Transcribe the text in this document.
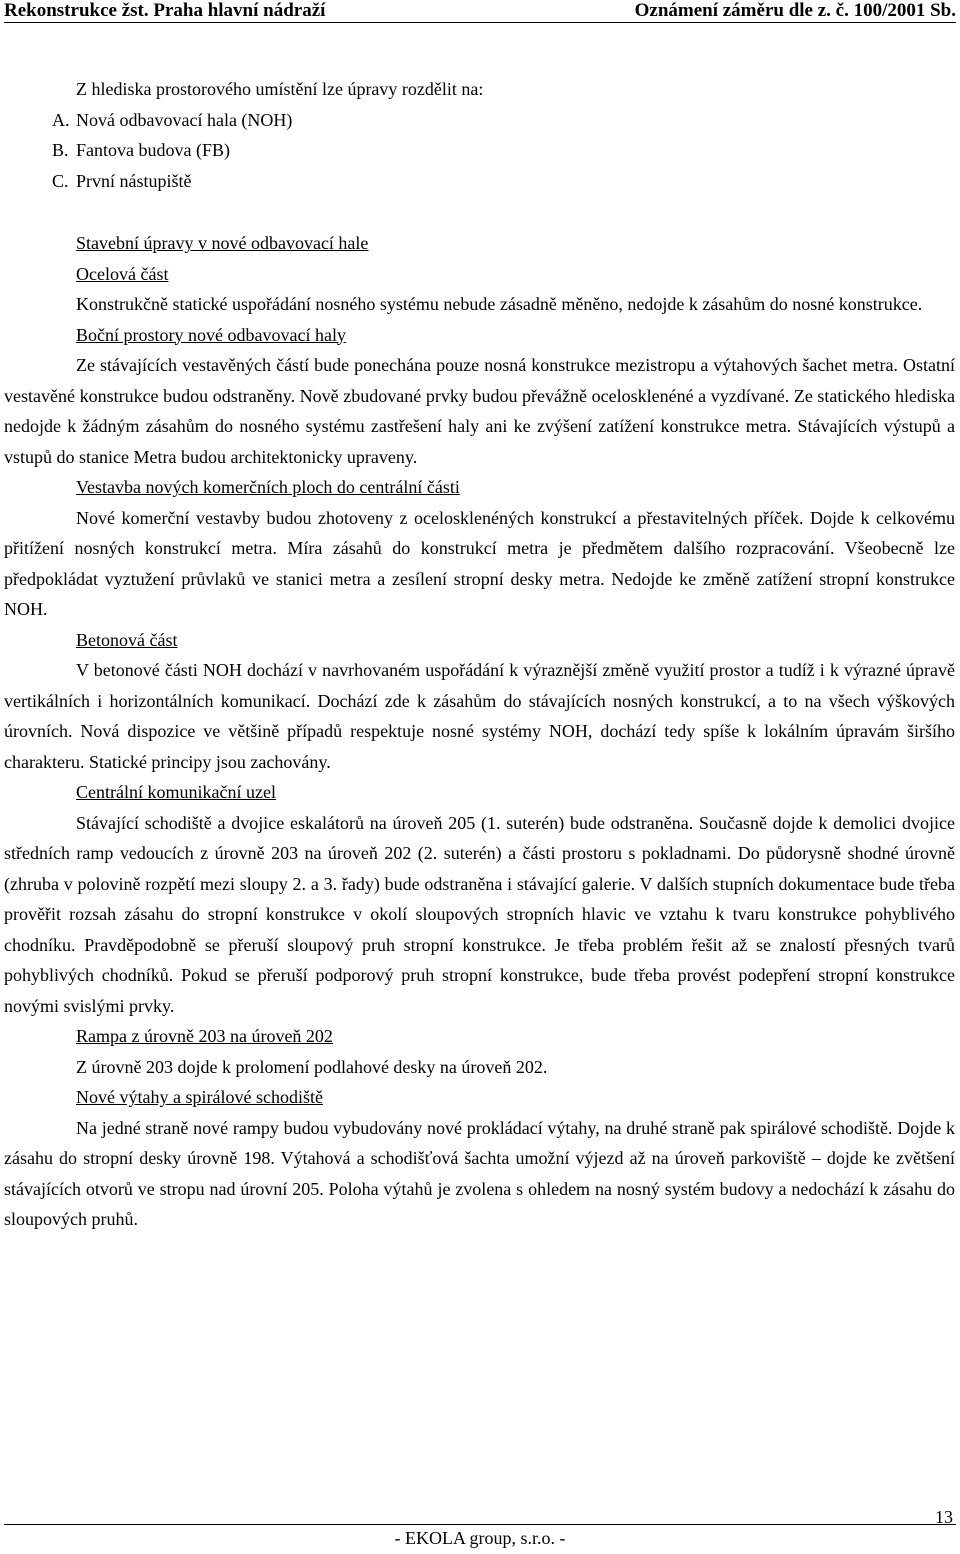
Rekonstrukce žst. Praha hlavní nádraží	Oznámení záměru dle z. č. 100/2001 Sb.

Z hlediska prostorového umístění lze úpravy rozdělit na:

A. Nová odbavovací hala (NOH)
B. Fantova budova (FB)
C. První nástupiště

Stavební úpravy v nové odbavovací hale

Ocelová část

Konstrukčně statické uspořádání nosného systému nebude zásadně měněno, nedojde k zásahům do nosné konstrukce.

Boční prostory nové odbavovací haly

Ze stávajících vestavěných částí bude ponechána pouze nosná konstrukce mezistropu a výtahových šachet metra. Ostatní vestavěné konstrukce budou odstraněny. Nově zbudované prvky budou převážně ocelosklenéné a vyzdívané. Ze statického hlediska nedojde k žádným zásahům do nosného systému zastřešení haly ani ke zvýšení zatížení konstrukce metra. Stávajících výstupů a vstupů do stanice Metra budou architektonicky upraveny.

Vestavba nových komerčních ploch do centrální části

Nové komerční vestavby budou zhotoveny z ocelosklenéných konstrukcí a přestavitelných příček. Dojde k celkovému přitížení nosných konstrukcí metra. Míra zásahů do konstrukcí metra je předmětem dalšího rozpracování. Všeobecně lze předpokládat vyztužení průvlaků ve stanici metra a zesílení stropní desky metra. Nedojde ke změně zatížení stropní konstrukce NOH.

Betonová část

V betonové části NOH dochází v navrhovaném uspořádání k výraznější změně využití prostor a tudíž i k výrazné úpravě vertikálních i horizontálních komunikací. Dochází zde k zásahům do stávajících nosných konstrukcí, a to na všech výškových úrovních. Nová dispozice ve většině případů respektuje nosné systémy NOH, dochází tedy spíše k lokálním úpravám širšího charakteru. Statické principy jsou zachovány.

Centrální komunikační uzel

Stávající schodiště a dvojice eskalátorů na úroveň 205 (1. suterén) bude odstraněna. Současně dojde k demolici dvojice středních ramp vedoucích z úrovně 203 na úroveň 202 (2. suterén) a části prostoru s pokladnami. Do půdorysně shodné úrovně (zhruba v polovině rozpětí mezi sloupy 2. a 3. řady) bude odstraněna i stávající galerie. V dalších stupních dokumentace bude třeba prověřit rozsah zásahu do stropní konstrukce v okolí sloupových stropních hlavic ve vztahu k tvaru konstrukce pohyblivého chodníku. Pravděpodobně se přeruší sloupový pruh stropní konstrukce. Je třeba problém řešit až se znalostí přesných tvarů pohyblivých chodníků. Pokud se přeruší podporový pruh stropní konstrukce, bude třeba provést podepření stropní konstrukce novými svislými prvky.

Rampa z úrovně 203 na úroveň 202

Z úrovně 203 dojde k prolomení podlahové desky na úroveň 202.

Nové výtahy a spirálové schodiště

Na jedné straně nové rampy budou vybudovány nové prokládací výtahy, na druhé straně pak spirálové schodiště. Dojde k zásahu do stropní desky úrovně 198. Výtahová a schodišťová šachta umožní výjezd až na úroveň parkoviště – dojde ke zvětšení stávajících otvorů ve stropu nad úrovní 205. Poloha výtahů je zvolena s ohledem na nosný systém budovy a nedochází k zásahu do sloupových pruhů.

13
- EKOLA group, s.r.o. -
